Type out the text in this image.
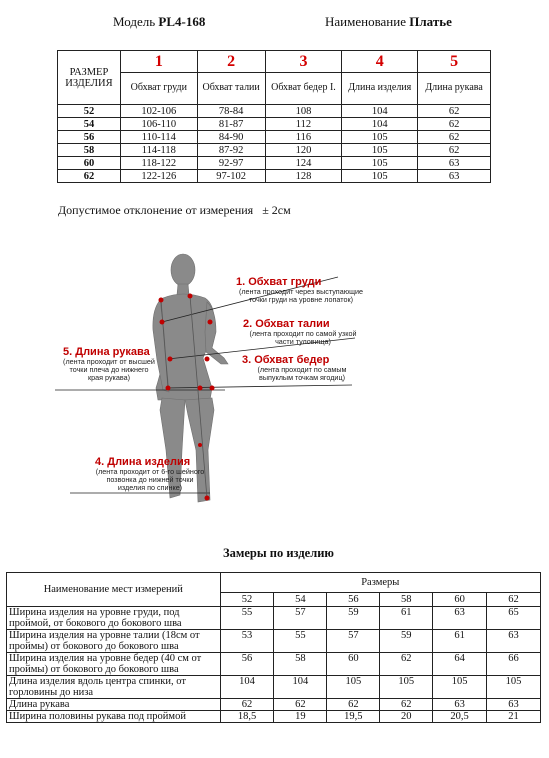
Модель PL4-168	Наименование Платье
РАЗМЕР ИЗДЕЛИЯ	1	2	3	4	5
	Обхват груди	Обхват талии	Обхват бедер I.	Длина изделия	Длина рукава
52	102-106	78-84	108	104	62
54	106-110	81-87	112	104	62
56	110-114	84-90	116	105	62
58	114-118	87-92	120	105	62
60	118-122	92-97	124	105	63
62	122-126	97-102	128	105	63
Допустимое отклонение от измерения ± 2см
1. Обхват груди
(лента проходит через выступающие точки груди на уровне лопаток)
2. Обхват талии
(лента проходит по самой узкой части туловища)
3. Обхват бедер
(лента проходит по самым выпуклым точкам ягодиц)
4. Длина изделия
(лента проходит от 6-го шейного позвонка до нижней точки изделия по спинке)
5. Длина рукава
(лента проходит от высшей точки плеча до нижнего края рукава)
Замеры по изделию
Наименование мест измерений	Размеры					
	52	54	56	58	60	62
Ширина изделия на уровне груди, под проймой, от бокового до бокового шва	55	57	59	61	63	65
Ширина изделия на уровне талии (18см от проймы) от бокового до бокового шва	53	55	57	59	61	63
Ширина изделия на уровне бедер (40 см от проймы) от бокового до бокового шва	56	58	60	62	64	66
Длина изделия вдоль центра спинки, от горловины до низа	104	104	105	105	105	105
Длина рукава	62	62	62	62	63	63
Ширина половины рукава под проймой	18,5	19	19,5	20	20,5	21
